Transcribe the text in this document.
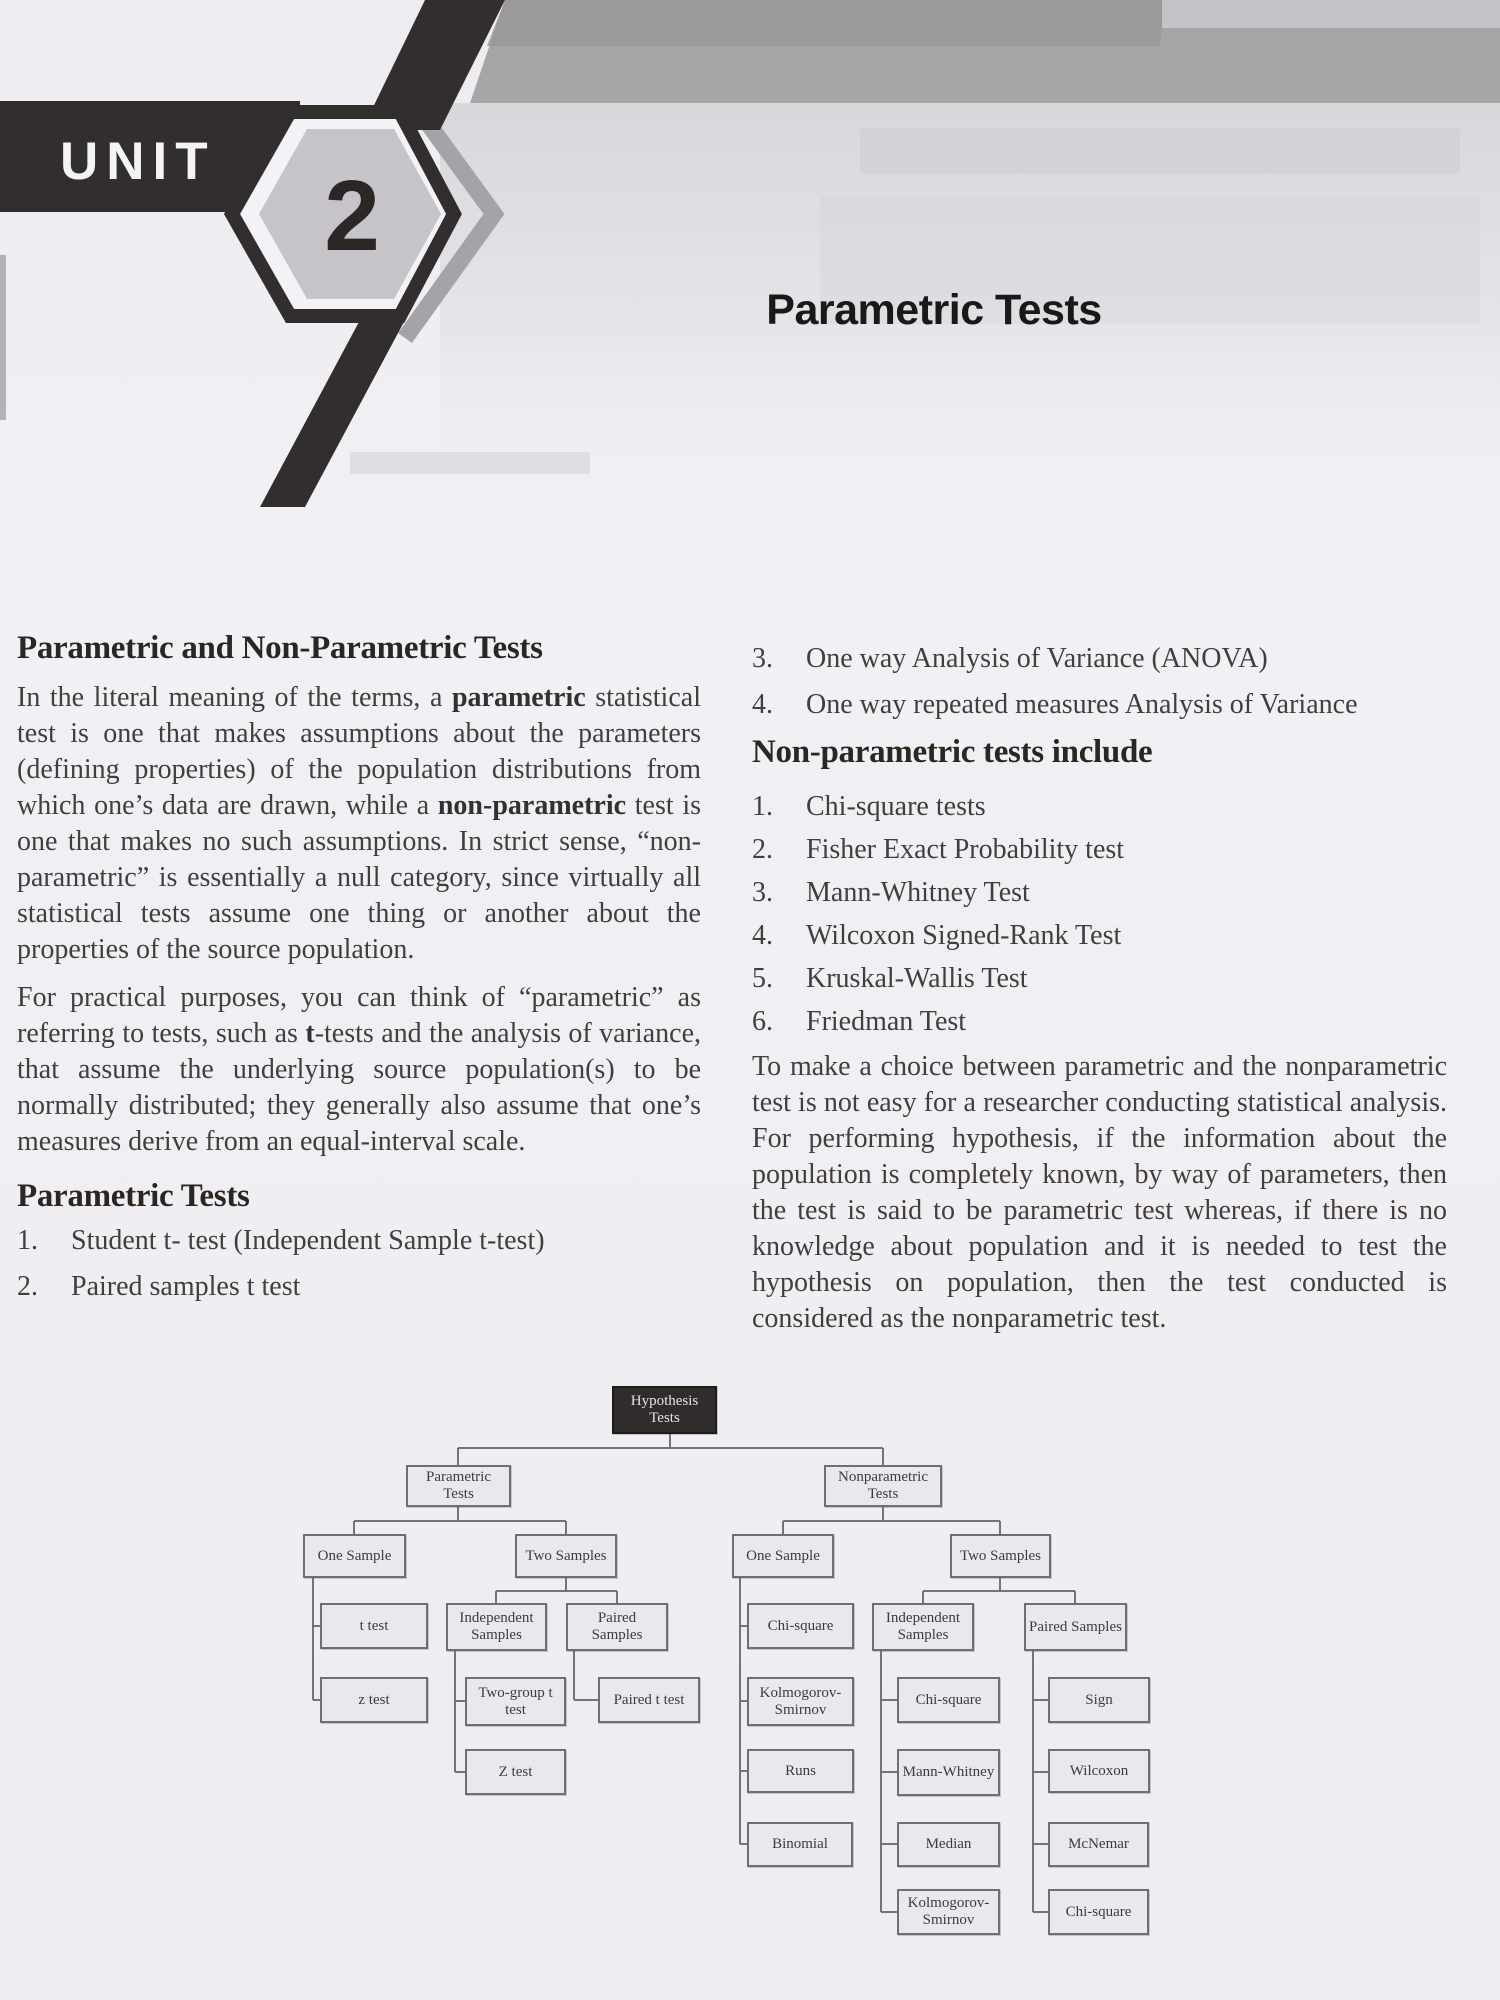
UNIT 2
Parametric Tests
Parametric and Non-Parametric Tests

In the literal meaning of the terms, a parametric statistical test is one that makes assumptions about the parameters (defining properties) of the population distributions from which one’s data are drawn, while a non-parametric test is one that makes no such assumptions. In strict sense, “non-parametric” is essentially a null category, since virtually all statistical tests assume one thing or another about the properties of the source population.

For practical purposes, you can think of “parametric” as referring to tests, such as t-tests and the analysis of variance, that assume the underlying source population(s) to be normally distributed; they generally also assume that one’s measures derive from an equal-interval scale.

Parametric Tests
1.	Student t- test (Independent Sample t-test)
2.	Paired samples t test
3.	One way Analysis of Variance (ANOVA)
4.	One way repeated measures Analysis of Variance
Non-parametric tests include
1.	Chi-square tests
2.	Fisher Exact Probability test
3.	Mann-Whitney Test
4.	Wilcoxon Signed-Rank Test
5.	Kruskal-Wallis Test
6.	Friedman Test

To make a choice between parametric and the nonparametric test is not easy for a researcher conducting statistical analysis. For performing hypothesis, if the information about the population is completely known, by way of parameters, then the test is said to be parametric test whereas, if there is no knowledge about population and it is needed to test the hypothesis on population, then the test conducted is considered as the nonparametric test.

Hypothesis Tests
Parametric Tests
Nonparametric Tests
One Sample	Two Samples	One Sample	Two Samples
t test	Independent Samples
Paired Samples
Chi-square	Independent Samples
Paired Samples
z test	Two-group t test
Paired t test	Kolmogorov-Smirnov
Chi-square	Sign
Z test	Runs	Mann-Whitney	Wilcoxon
Binomial	Median	McNemar
Kolmogorov-Smirnov
Chi-square
